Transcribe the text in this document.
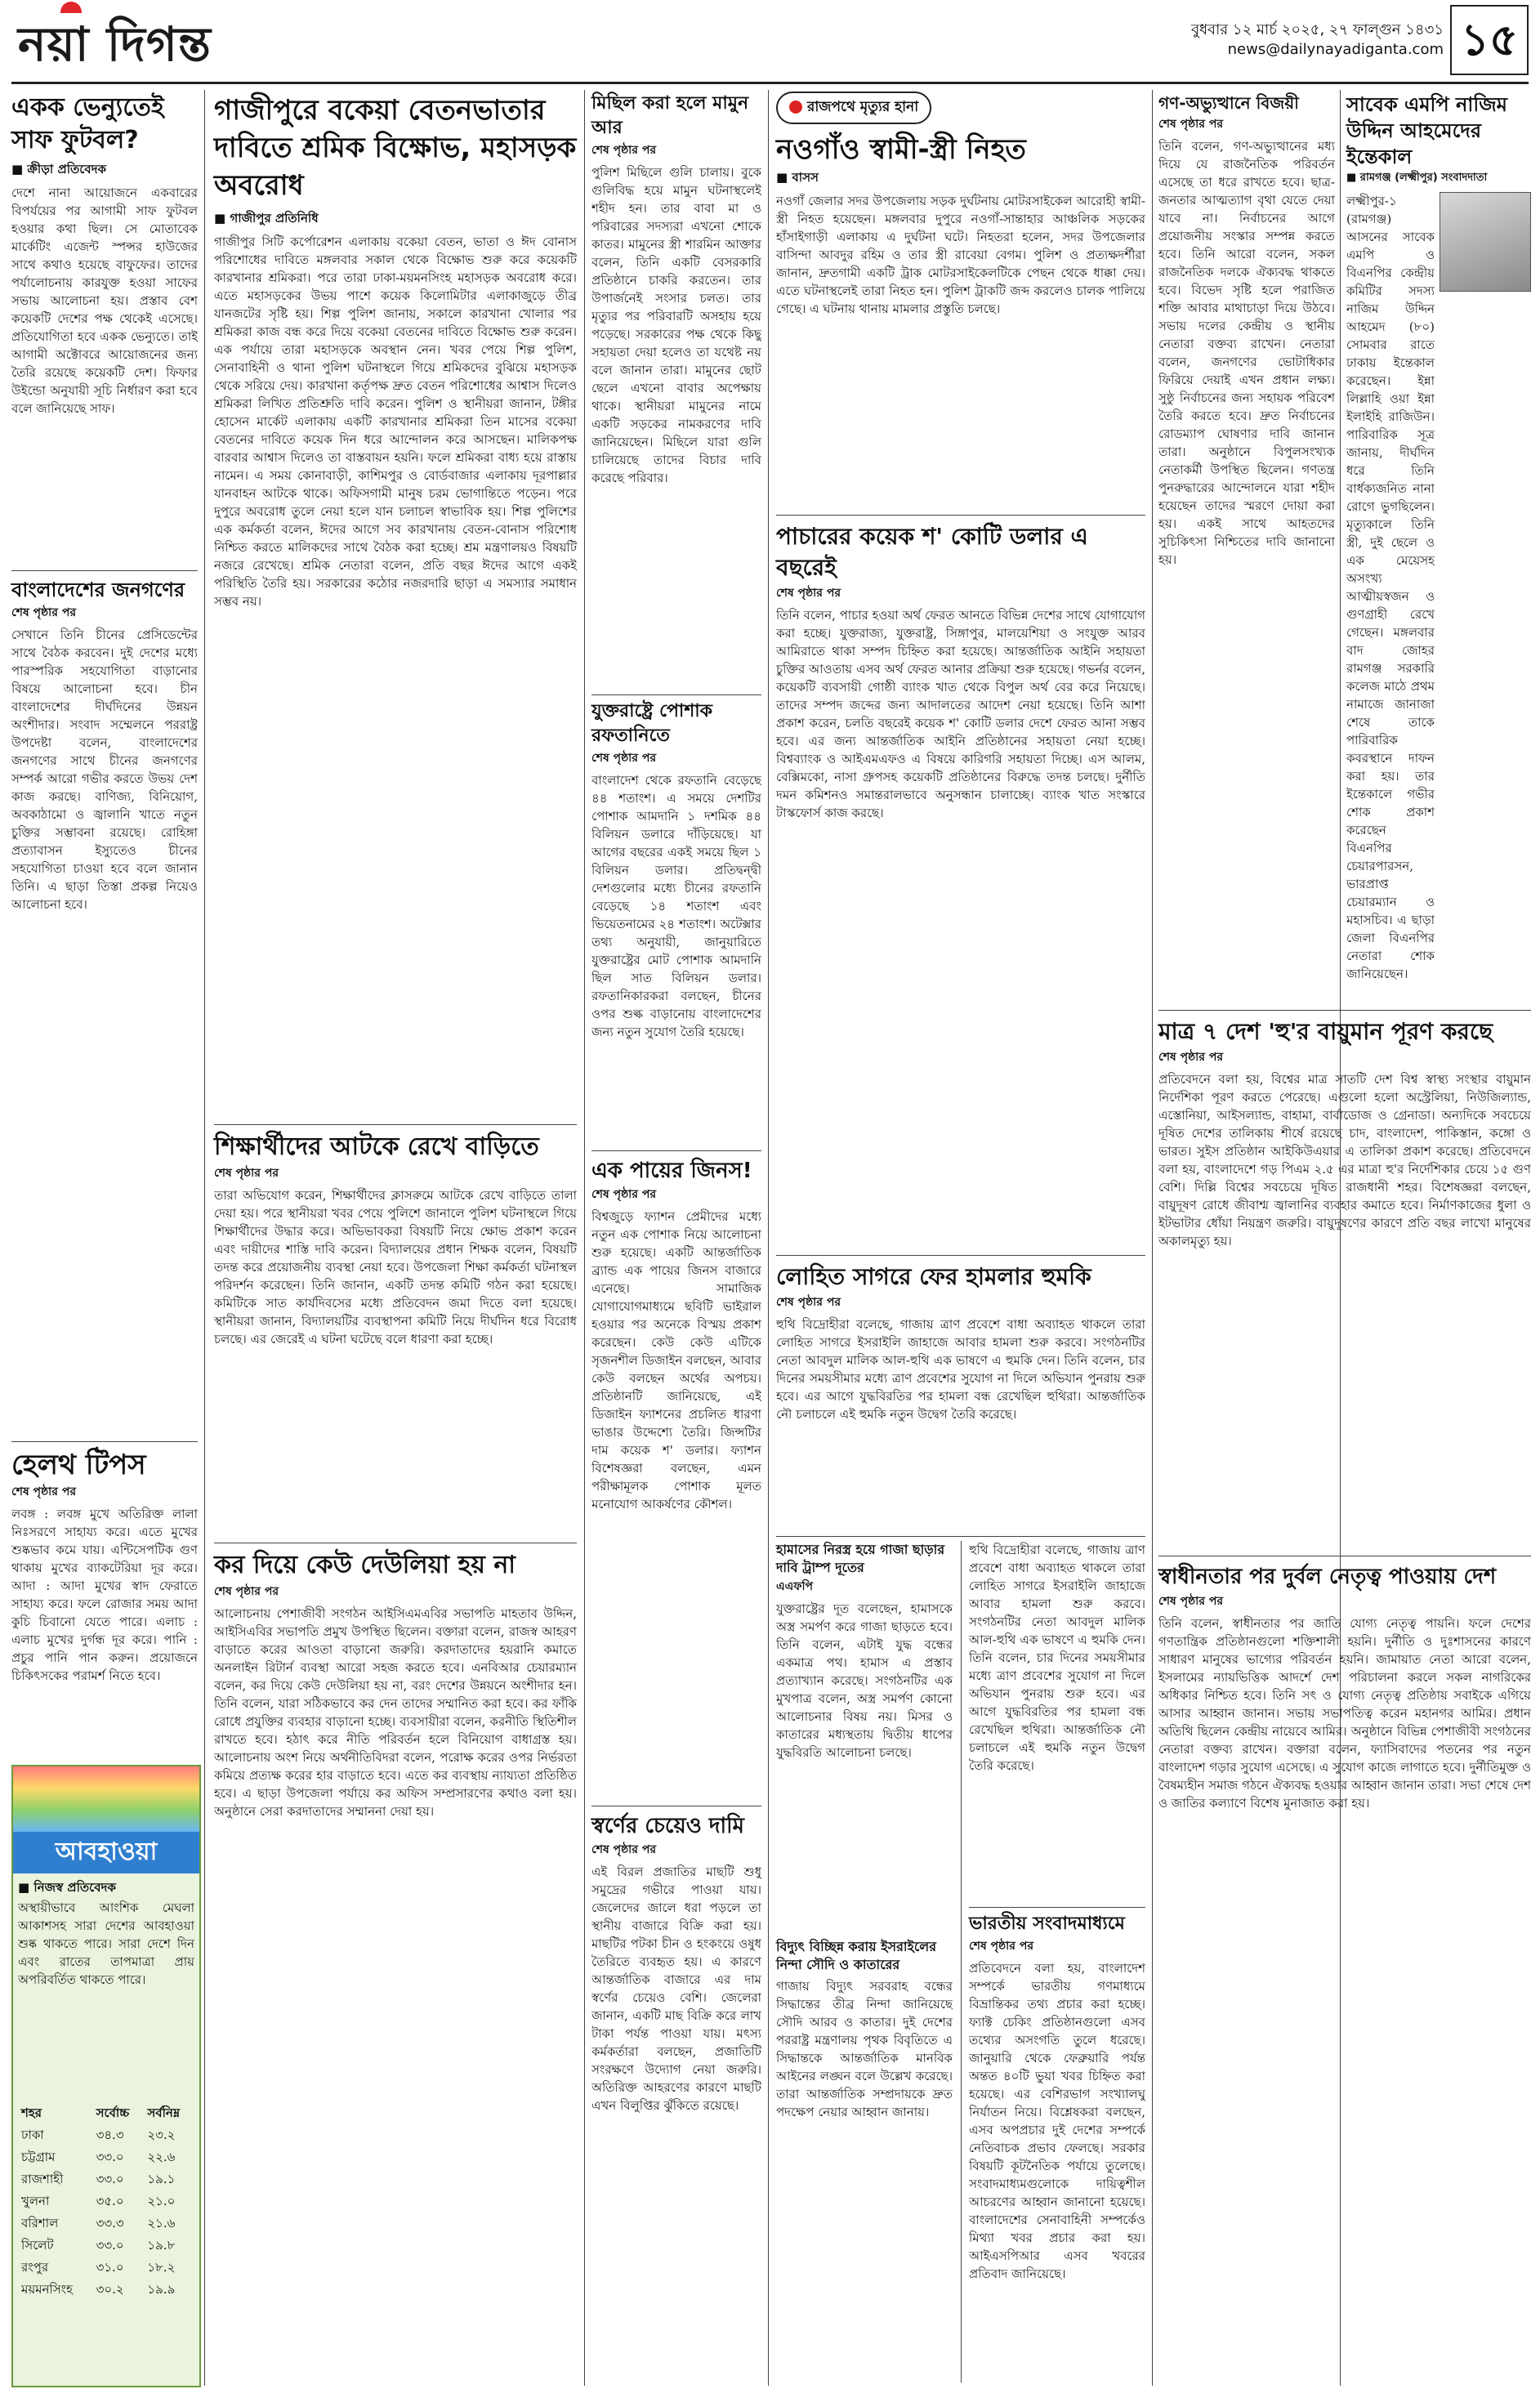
নয়া দিগন্ত	বুধবার ১২ মার্চ ২০২৫, ২৭ ফাল্গুন ১৪৩১
news@dailynayadiganta.com ১৫
একক ভেন্যুতেই সাফ ফুটবল?
■ ক্রীড়া প্রতিবেদক
দেশে নানা আয়োজনে একবারের বিপর্যয়ের পর আগামী সাফ ফুটবল হওয়ার কথা ছিল। সে মোতাবেক মার্কেটিং এজেন্ট স্পন্সর হাউজের সাথে কথাও হয়েছে বাফুফের। তাদের পর্যালোচনায় কারযুক্ত হওয়া সাফের সভায় আলোচনা হয়। প্রস্তাব বেশ কয়েকটি দেশের পক্ষ থেকেই এসেছে। প্রতিযোগিতা হবে একক ভেন্যুতে। তাই আগামী অক্টোবরে আয়োজনের জন্য তৈরি রয়েছে কয়েকটি দেশ। ফিফার উইন্ডো অনুযায়ী সূচি নির্ধারণ করা হবে বলে জানিয়েছে সাফ।
বাংলাদেশের জনগণের
শেষ পৃষ্ঠার পর
সেখানে তিনি চীনের প্রেসিডেন্টের সাথে বৈঠক করবেন। দুই দেশের মধ্যে পারস্পরিক সহযোগিতা বাড়ানোর বিষয়ে আলোচনা হবে। চীন বাংলাদেশের দীর্ঘদিনের উন্নয়ন অংশীদার। সংবাদ সম্মেলনে পররাষ্ট্র উপদেষ্টা বলেন, বাংলাদেশের জনগণের সাথে চীনের জনগণের সম্পর্ক আরো গভীর করতে উভয় দেশ কাজ করছে। বাণিজ্য, বিনিয়োগ, অবকাঠামো ও জ্বালানি খাতে নতুন চুক্তির সম্ভাবনা রয়েছে। রোহিঙ্গা প্রত্যাবাসন ইস্যুতেও চীনের সহযোগিতা চাওয়া হবে বলে জানান তিনি। এ ছাড়া তিস্তা প্রকল্প নিয়েও আলোচনা হবে।
হেলথ টিপস
শেষ পৃষ্ঠার পর
লবঙ্গ : লবঙ্গ মুখে অতিরিক্ত লালা নিঃসরণে সাহায্য করে। এতে মুখের শুষ্কভাব কমে যায়। এন্টিসেপটিক গুণ থাকায় মুখের ব্যাকটেরিয়া দূর করে। আদা : আদা মুখের স্বাদ ফেরাতে সাহায্য করে। ফলে রোজার সময় আদা কুচি চিবানো যেতে পারে। এলাচ : এলাচ মুখের দুর্গন্ধ দূর করে। পানি : প্রচুর পানি পান করুন। প্রয়োজনে চিকিৎসকের পরামর্শ নিতে হবে।
আবহাওয়া
■ নিজস্ব প্রতিবেদক
অস্থায়ীভাবে আংশিক মেঘলা আকাশসহ সারা দেশের আবহাওয়া শুষ্ক থাকতে পারে। সারা দেশে দিন এবং রাতের তাপমাত্রা প্রায় অপরিবর্তিত থাকতে পারে।
শহর	সর্বোচ্চ	সর্বনিম্ন
ঢাকা	৩৪.৩	২৩.২
চট্টগ্রাম	৩৩.০	২২.৬
রাজশাহী	৩৩.০	১৯.১
খুলনা	৩৫.০	২১.০
বরিশাল	৩৩.৩	২১.৬
সিলেট	৩৩.০	১৯.৮
রংপুর	৩১.০	১৮.২
ময়মনসিংহ	৩০.২	১৯.৯
গাজীপুরে বকেয়া বেতনভাতার দাবিতে শ্রমিক বিক্ষোভ, মহাসড়ক অবরোধ
■ গাজীপুর প্রতিনিধি
গাজীপুর সিটি কর্পোরেশন এলাকায় বকেয়া বেতন, ভাতা ও ঈদ বোনাস পরিশোধের দাবিতে মঙ্গলবার সকাল থেকে বিক্ষোভ শুরু করে কয়েকটি কারখানার শ্রমিকরা। পরে তারা ঢাকা-ময়মনসিংহ মহাসড়ক অবরোধ করে। এতে মহাসড়কের উভয় পাশে কয়েক কিলোমিটার এলাকাজুড়ে তীব্র যানজটের সৃষ্টি হয়। শিল্প পুলিশ জানায়, সকালে কারখানা খোলার পর শ্রমিকরা কাজ বন্ধ করে দিয়ে বকেয়া বেতনের দাবিতে বিক্ষোভ শুরু করেন। এক পর্যায়ে তারা মহাসড়কে অবস্থান নেন। খবর পেয়ে শিল্প পুলিশ, সেনাবাহিনী ও থানা পুলিশ ঘটনাস্থলে গিয়ে শ্রমিকদের বুঝিয়ে মহাসড়ক থেকে সরিয়ে দেয়। কারখানা কর্তৃপক্ষ দ্রুত বেতন পরিশোধের আশ্বাস দিলেও শ্রমিকরা লিখিত প্রতিশ্রুতি দাবি করেন। পুলিশ ও স্থানীয়রা জানান, টঙ্গীর হোসেন মার্কেট এলাকায় একটি কারখানার শ্রমিকরা তিন মাসের বকেয়া বেতনের দাবিতে কয়েক দিন ধরে আন্দোলন করে আসছেন। মালিকপক্ষ বারবার আশ্বাস দিলেও তা বাস্তবায়ন হয়নি। ফলে শ্রমিকরা বাধ্য হয়ে রাস্তায় নামেন। এ সময় কোনাবাড়ী, কাশিমপুর ও বোর্ডবাজার এলাকায় দূরপাল্লার যানবাহন আটকে থাকে। অফিসগামী মানুষ চরম ভোগান্তিতে পড়েন। পরে দুপুরে অবরোধ তুলে নেয়া হলে যান চলাচল স্বাভাবিক হয়। শিল্প পুলিশের এক কর্মকর্তা বলেন, ঈদের আগে সব কারখানায় বেতন-বোনাস পরিশোধ নিশ্চিত করতে মালিকদের সাথে বৈঠক করা হচ্ছে। শ্রম মন্ত্রণালয়ও বিষয়টি নজরে রেখেছে। শ্রমিক নেতারা বলেন, প্রতি বছর ঈদের আগে একই পরিস্থিতি তৈরি হয়। সরকারের কঠোর নজরদারি ছাড়া এ সমস্যার সমাধান সম্ভব নয়।
শিক্ষার্থীদের আটকে রেখে বাড়িতে
শেষ পৃষ্ঠার পর
তারা অভিযোগ করেন, শিক্ষার্থীদের ক্লাসরুমে আটকে রেখে বাড়িতে তালা দেয়া হয়। পরে স্থানীয়রা খবর পেয়ে পুলিশে জানালে পুলিশ ঘটনাস্থলে গিয়ে শিক্ষার্থীদের উদ্ধার করে। অভিভাবকরা বিষয়টি নিয়ে ক্ষোভ প্রকাশ করেন এবং দায়ীদের শাস্তি দাবি করেন। বিদ্যালয়ের প্রধান শিক্ষক বলেন, বিষয়টি তদন্ত করে প্রয়োজনীয় ব্যবস্থা নেয়া হবে। উপজেলা শিক্ষা কর্মকর্তা ঘটনাস্থল পরিদর্শন করেছেন। তিনি জানান, একটি তদন্ত কমিটি গঠন করা হয়েছে। কমিটিকে সাত কার্যদিবসের মধ্যে প্রতিবেদন জমা দিতে বলা হয়েছে। স্থানীয়রা জানান, বিদ্যালয়টির ব্যবস্থাপনা কমিটি নিয়ে দীর্ঘদিন ধরে বিরোধ চলছে। এর জেরেই এ ঘটনা ঘটেছে বলে ধারণা করা হচ্ছে।
কর দিয়ে কেউ দেউলিয়া হয় না
শেষ পৃষ্ঠার পর
আলোচনায় পেশাজীবী সংগঠন আইসিএমএবির সভাপতি মাহতাব উদ্দিন, আইসিএবির সভাপতি প্রমুখ উপস্থিত ছিলেন। বক্তারা বলেন, রাজস্ব আহরণ বাড়াতে করের আওতা বাড়ানো জরুরি। করদাতাদের হয়রানি কমাতে অনলাইন রিটার্ন ব্যবস্থা আরো সহজ করতে হবে। এনবিআর চেয়ারম্যান বলেন, কর দিয়ে কেউ দেউলিয়া হয় না, বরং দেশের উন্নয়নে অংশীদার হন। তিনি বলেন, যারা সঠিকভাবে কর দেন তাদের সম্মানিত করা হবে। কর ফাঁকি রোধে প্রযুক্তির ব্যবহার বাড়ানো হচ্ছে। ব্যবসায়ীরা বলেন, করনীতি স্থিতিশীল রাখতে হবে। হঠাৎ করে নীতি পরিবর্তন হলে বিনিয়োগ বাধাগ্রস্ত হয়। আলোচনায় অংশ নিয়ে অর্থনীতিবিদরা বলেন, পরোক্ষ করের ওপর নির্ভরতা কমিয়ে প্রত্যক্ষ করের হার বাড়াতে হবে। এতে কর ব্যবস্থায় ন্যায্যতা প্রতিষ্ঠিত হবে। এ ছাড়া উপজেলা পর্যায়ে কর অফিস সম্প্রসারণের কথাও বলা হয়। অনুষ্ঠানে সেরা করদাতাদের সম্মাননা দেয়া হয়।
মিছিল করা হলে মামুন আর
শেষ পৃষ্ঠার পর
পুলিশ মিছিলে গুলি চালায়। বুকে গুলিবিদ্ধ হয়ে মামুন ঘটনাস্থলেই শহীদ হন। তার বাবা মা ও পরিবারের সদস্যরা এখনো শোকে কাতর। মামুনের স্ত্রী শারমিন আক্তার বলেন, তিনি একটি বেসরকারি প্রতিষ্ঠানে চাকরি করতেন। তার উপার্জনেই সংসার চলত। তার মৃত্যুর পর পরিবারটি অসহায় হয়ে পড়েছে। সরকারের পক্ষ থেকে কিছু সহায়তা দেয়া হলেও তা যথেষ্ট নয় বলে জানান তারা। মামুনের ছোট ছেলে এখনো বাবার অপেক্ষায় থাকে। স্থানীয়রা মামুনের নামে একটি সড়কের নামকরণের দাবি জানিয়েছেন। মিছিলে যারা গুলি চালিয়েছে তাদের বিচার দাবি করেছে পরিবার।
যুক্তরাষ্ট্রে পোশাক রফতানিতে
শেষ পৃষ্ঠার পর
বাংলাদেশ থেকে রফতানি বেড়েছে ৪৪ শতাংশ। এ সময়ে দেশটির পোশাক আমদানি ১ দশমিক ৪৪ বিলিয়ন ডলারে দাঁড়িয়েছে। যা আগের বছরের একই সময়ে ছিল ১ বিলিয়ন ডলার। প্রতিদ্বন্দ্বী দেশগুলোর মধ্যে চীনের রফতানি বেড়েছে ১৪ শতাংশ এবং ভিয়েতনামের ২৪ শতাংশ। অটেক্সার তথ্য অনুযায়ী, জানুয়ারিতে যুক্তরাষ্ট্রের মোট পোশাক আমদানি ছিল সাত বিলিয়ন ডলার। রফতানিকারকরা বলছেন, চীনের ওপর শুল্ক বাড়ানোয় বাংলাদেশের জন্য নতুন সুযোগ তৈরি হয়েছে।
এক পায়ের জিনস!
শেষ পৃষ্ঠার পর
বিশ্বজুড়ে ফ্যাশন প্রেমীদের মধ্যে নতুন এক পোশাক নিয়ে আলোচনা শুরু হয়েছে। একটি আন্তর্জাতিক ব্র্যান্ড এক পায়ের জিনস বাজারে এনেছে। সামাজিক যোগাযোগমাধ্যমে ছবিটি ভাইরাল হওয়ার পর অনেকে বিস্ময় প্রকাশ করেছেন। কেউ কেউ এটিকে সৃজনশীল ডিজাইন বলছেন, আবার কেউ বলছেন অর্থের অপচয়। প্রতিষ্ঠানটি জানিয়েছে, এই ডিজাইন ফ্যাশনের প্রচলিত ধারণা ভাঙার উদ্দেশ্যে তৈরি। জিন্সটির দাম কয়েক শ' ডলার। ফ্যাশন বিশেষজ্ঞরা বলছেন, এমন পরীক্ষামূলক পোশাক মূলত মনোযোগ আকর্ষণের কৌশল।
স্বর্ণের চেয়েও দামি
শেষ পৃষ্ঠার পর
এই বিরল প্রজাতির মাছটি শুধু সমুদ্রের গভীরে পাওয়া যায়। জেলেদের জালে ধরা পড়লে তা স্থানীয় বাজারে বিক্রি করা হয়। মাছটির পটকা চীন ও হংকংয়ে ওষুধ তৈরিতে ব্যবহৃত হয়। এ কারণে আন্তর্জাতিক বাজারে এর দাম স্বর্ণের চেয়েও বেশি। জেলেরা জানান, একটি মাছ বিক্রি করে লাখ টাকা পর্যন্ত পাওয়া যায়। মৎস্য কর্মকর্তারা বলছেন, প্রজাতিটি সংরক্ষণে উদ্যোগ নেয়া জরুরি। অতিরিক্ত আহরণের কারণে মাছটি এখন বিলুপ্তির ঝুঁকিতে রয়েছে।
রাজপথে মৃত্যুর হানা
নওগাঁও স্বামী-স্ত্রী নিহত
■ বাসস
নওগাঁ জেলার সদর উপজেলায় সড়ক দুর্ঘটনায় মোটরসাইকেল আরোহী স্বামী-স্ত্রী নিহত হয়েছেন। মঙ্গলবার দুপুরে নওগাঁ-সান্তাহার আঞ্চলিক সড়কের হাঁসাইগাড়ী এলাকায় এ দুর্ঘটনা ঘটে। নিহতরা হলেন, সদর উপজেলার বাসিন্দা আবদুর রহিম ও তার স্ত্রী রাবেয়া বেগম। পুলিশ ও প্রত্যক্ষদর্শীরা জানান, দ্রুতগামী একটি ট্রাক মোটরসাইকেলটিকে পেছন থেকে ধাক্কা দেয়। এতে ঘটনাস্থলেই তারা নিহত হন। পুলিশ ট্রাকটি জব্দ করলেও চালক পালিয়ে গেছে। এ ঘটনায় থানায় মামলার প্রস্তুতি চলছে।
পাচারের কয়েক শ' কোটি ডলার এ বছরেই
শেষ পৃষ্ঠার পর
তিনি বলেন, পাচার হওয়া অর্থ ফেরত আনতে বিভিন্ন দেশের সাথে যোগাযোগ করা হচ্ছে। যুক্তরাজ্য, যুক্তরাষ্ট্র, সিঙ্গাপুর, মালয়েশিয়া ও সংযুক্ত আরব আমিরাতে থাকা সম্পদ চিহ্নিত করা হয়েছে। আন্তর্জাতিক আইনি সহায়তা চুক্তির আওতায় এসব অর্থ ফেরত আনার প্রক্রিয়া শুরু হয়েছে। গভর্নর বলেন, কয়েকটি ব্যবসায়ী গোষ্ঠী ব্যাংক খাত থেকে বিপুল অর্থ বের করে নিয়েছে। তাদের সম্পদ জব্দের জন্য আদালতের আদেশ নেয়া হয়েছে। তিনি আশা প্রকাশ করেন, চলতি বছরেই কয়েক শ' কোটি ডলার দেশে ফেরত আনা সম্ভব হবে। এর জন্য আন্তর্জাতিক আইনি প্রতিষ্ঠানের সহায়তা নেয়া হচ্ছে। বিশ্বব্যাংক ও আইএমএফও এ বিষয়ে কারিগরি সহায়তা দিচ্ছে। এস আলম, বেক্সিমকো, নাসা গ্রুপসহ কয়েকটি প্রতিষ্ঠানের বিরুদ্ধে তদন্ত চলছে। দুর্নীতি দমন কমিশনও সমান্তরালভাবে অনুসন্ধান চালাচ্ছে। ব্যাংক খাত সংস্কারে টাস্কফোর্স কাজ করছে।
লোহিত সাগরে ফের হামলার হুমকি
শেষ পৃষ্ঠার পর
হুথি বিদ্রোহীরা বলেছে, গাজায় ত্রাণ প্রবেশে বাধা অব্যাহত থাকলে তারা লোহিত সাগরে ইসরাইলি জাহাজে আবার হামলা শুরু করবে। সংগঠনটির নেতা আবদুল মালিক আল-হুথি এক ভাষণে এ হুমকি দেন। তিনি বলেন, চার দিনের সময়সীমার মধ্যে ত্রাণ প্রবেশের সুযোগ না দিলে অভিযান পুনরায় শুরু হবে। এর আগে যুদ্ধবিরতির পর হামলা বন্ধ রেখেছিল হুথিরা। আন্তর্জাতিক নৌ চলাচলে এই হুমকি নতুন উদ্বেগ তৈরি করেছে।
হামাসের নিরস্ত্র হয়ে গাজা ছাড়ার দাবি ট্রাম্প দূতের
এএফপি
যুক্তরাষ্ট্রের দূত বলেছেন, হামাসকে অস্ত্র সমর্পণ করে গাজা ছাড়তে হবে। তিনি বলেন, এটাই যুদ্ধ বন্ধের একমাত্র পথ। হামাস এ প্রস্তাব প্রত্যাখ্যান করেছে। সংগঠনটির এক মুখপাত্র বলেন, অস্ত্র সমর্পণ কোনো আলোচনার বিষয় নয়। মিসর ও কাতারের মধ্যস্থতায় দ্বিতীয় ধাপের যুদ্ধবিরতি আলোচনা চলছে।
বিদ্যুৎ বিচ্ছিন্ন করায় ইসরাইলের নিন্দা সৌদি ও কাতারের
গাজায় বিদ্যুৎ সরবরাহ বন্ধের সিদ্ধান্তের তীব্র নিন্দা জানিয়েছে সৌদি আরব ও কাতার। দুই দেশের পররাষ্ট্র মন্ত্রণালয় পৃথক বিবৃতিতে এ সিদ্ধান্তকে আন্তর্জাতিক মানবিক আইনের লঙ্ঘন বলে উল্লেখ করেছে। তারা আন্তর্জাতিক সম্প্রদায়কে দ্রুত পদক্ষেপ নেয়ার আহ্বান জানায়।
হুথি বিদ্রোহীরা বলেছে, গাজায় ত্রাণ প্রবেশে বাধা অব্যাহত থাকলে তারা লোহিত সাগরে ইসরাইলি জাহাজে আবার হামলা শুরু করবে। সংগঠনটির নেতা আবদুল মালিক আল-হুথি এক ভাষণে এ হুমকি দেন। তিনি বলেন, চার দিনের সময়সীমার মধ্যে ত্রাণ প্রবেশের সুযোগ না দিলে অভিযান পুনরায় শুরু হবে। এর আগে যুদ্ধবিরতির পর হামলা বন্ধ রেখেছিল হুথিরা। আন্তর্জাতিক নৌ চলাচলে এই হুমকি নতুন উদ্বেগ তৈরি করেছে।
ভারতীয় সংবাদমাধ্যমে
শেষ পৃষ্ঠার পর
প্রতিবেদনে বলা হয়, বাংলাদেশ সম্পর্কে ভারতীয় গণমাধ্যমে বিভ্রান্তিকর তথ্য প্রচার করা হচ্ছে। ফ্যাক্ট চেকিং প্রতিষ্ঠানগুলো এসব তথ্যের অসংগতি তুলে ধরেছে। জানুয়ারি থেকে ফেব্রুয়ারি পর্যন্ত অন্তত ৪০টি ভুয়া খবর চিহ্নিত করা হয়েছে। এর বেশিরভাগ সংখ্যালঘু নির্যাতন নিয়ে। বিশ্লেষকরা বলছেন, এসব অপপ্রচার দুই দেশের সম্পর্কে নেতিবাচক প্রভাব ফেলছে। সরকার বিষয়টি কূটনৈতিক পর্যায়ে তুলেছে। সংবাদমাধ্যমগুলোকে দায়িত্বশীল আচরণের আহ্বান জানানো হয়েছে। বাংলাদেশের সেনাবাহিনী সম্পর্কেও মিথ্যা খবর প্রচার করা হয়। আইএসপিআর এসব খবরের প্রতিবাদ জানিয়েছে।
গণ-অভ্যুত্থানে বিজয়ী
শেষ পৃষ্ঠার পর
তিনি বলেন, গণ-অভ্যুত্থানের মধ্য দিয়ে যে রাজনৈতিক পরিবর্তন এসেছে তা ধরে রাখতে হবে। ছাত্র-জনতার আত্মত্যাগ বৃথা যেতে দেয়া যাবে না। নির্বাচনের আগে প্রয়োজনীয় সংস্কার সম্পন্ন করতে হবে। তিনি আরো বলেন, সকল রাজনৈতিক দলকে ঐক্যবদ্ধ থাকতে হবে। বিভেদ সৃষ্টি হলে পরাজিত শক্তি আবার মাথাচাড়া দিয়ে উঠবে। সভায় দলের কেন্দ্রীয় ও স্থানীয় নেতারা বক্তব্য রাখেন। নেতারা বলেন, জনগণের ভোটাধিকার ফিরিয়ে দেয়াই এখন প্রধান লক্ষ্য। সুষ্ঠু নির্বাচনের জন্য সহায়ক পরিবেশ তৈরি করতে হবে। দ্রুত নির্বাচনের রোডম্যাপ ঘোষণার দাবি জানান তারা। অনুষ্ঠানে বিপুলসংখ্যক নেতাকর্মী উপস্থিত ছিলেন। গণতন্ত্র পুনরুদ্ধারের আন্দোলনে যারা শহীদ হয়েছেন তাদের স্মরণে দোয়া করা হয়। একই সাথে আহতদের সুচিকিৎসা নিশ্চিতের দাবি জানানো হয়।
সাবেক এমপি নাজিম উদ্দিন আহমেদের ইন্তেকাল
■ রামগঞ্জ (লক্ষ্মীপুর) সংবাদদাতা
লক্ষ্মীপুর-১ (রামগঞ্জ) আসনের সাবেক এমপি ও বিএনপির কেন্দ্রীয় কমিটির সদস্য নাজিম উদ্দিন আহমেদ (৮০) সোমবার রাতে ঢাকায় ইন্তেকাল করেছেন। ইন্না লিল্লাহি ওয়া ইন্না ইলাইহি রাজিউন। পারিবারিক সূত্র জানায়, দীর্ঘদিন ধরে তিনি বার্ধক্যজনিত নানা রোগে ভুগছিলেন। মৃত্যুকালে তিনি স্ত্রী, দুই ছেলে ও এক মেয়েসহ অসংখ্য আত্মীয়স্বজন ও গুণগ্রাহী রেখে গেছেন। মঙ্গলবার বাদ জোহর রামগঞ্জ সরকারি কলেজ মাঠে প্রথম নামাজে জানাজা শেষে তাকে পারিবারিক কবরস্থানে দাফন করা হয়। তার ইন্তেকালে গভীর শোক প্রকাশ করেছেন বিএনপির চেয়ারপারসন, ভারপ্রাপ্ত চেয়ারম্যান ও মহাসচিব। এ ছাড়া জেলা বিএনপির নেতারা শোক জানিয়েছেন।
মাত্র ৭ দেশ 'হু'র বায়ুমান পূরণ করছে
শেষ পৃষ্ঠার পর
প্রতিবেদনে বলা হয়, বিশ্বের মাত্র সাতটি দেশ বিশ্ব স্বাস্থ্য সংস্থার বায়ুমান নির্দেশিকা পূরণ করতে পেরেছে। এগুলো হলো অস্ট্রেলিয়া, নিউজিল্যান্ড, এস্তোনিয়া, আইসল্যান্ড, বাহামা, বার্বাডোজ ও গ্রেনাডা। অন্যদিকে সবচেয়ে দূষিত দেশের তালিকায় শীর্ষে রয়েছে চাদ, বাংলাদেশ, পাকিস্তান, কঙ্গো ও ভারত। সুইস প্রতিষ্ঠান আইকিউএয়ার এ তালিকা প্রকাশ করেছে। প্রতিবেদনে বলা হয়, বাংলাদেশে গড় পিএম ২.৫ এর মাত্রা হু'র নির্দেশিকার চেয়ে ১৫ গুণ বেশি। দিল্লি বিশ্বের সবচেয়ে দূষিত রাজধানী শহর। বিশেষজ্ঞরা বলছেন, বায়ুদূষণ রোধে জীবাশ্ম জ্বালানির ব্যবহার কমাতে হবে। নির্মাণকাজের ধুলা ও ইটভাটার ধোঁয়া নিয়ন্ত্রণ জরুরি। বায়ুদূষণের কারণে প্রতি বছর লাখো মানুষের অকালমৃত্যু হয়।
স্বাধীনতার পর দুর্বল নেতৃত্ব পাওয়ায় দেশ
শেষ পৃষ্ঠার পর
তিনি বলেন, স্বাধীনতার পর জাতি যোগ্য নেতৃত্ব পায়নি। ফলে দেশের গণতান্ত্রিক প্রতিষ্ঠানগুলো শক্তিশালী হয়নি। দুর্নীতি ও দুঃশাসনের কারণে সাধারণ মানুষের ভাগ্যের পরিবর্তন হয়নি। জামায়াত নেতা আরো বলেন, ইসলামের ন্যায়ভিত্তিক আদর্শে দেশ পরিচালনা করলে সকল নাগরিকের অধিকার নিশ্চিত হবে। তিনি সৎ ও যোগ্য নেতৃত্ব প্রতিষ্ঠায় সবাইকে এগিয়ে আসার আহ্বান জানান। সভায় সভাপতিত্ব করেন মহানগর আমির। প্রধান অতিথি ছিলেন কেন্দ্রীয় নায়েবে আমির। অনুষ্ঠানে বিভিন্ন পেশাজীবী সংগঠনের নেতারা বক্তব্য রাখেন। বক্তারা বলেন, ফ্যাসিবাদের পতনের পর নতুন বাংলাদেশ গড়ার সুযোগ এসেছে। এ সুযোগ কাজে লাগাতে হবে। দুর্নীতিমুক্ত ও বৈষম্যহীন সমাজ গঠনে ঐক্যবদ্ধ হওয়ার আহ্বান জানান তারা। সভা শেষে দেশ ও জাতির কল্যাণে বিশেষ মুনাজাত করা হয়।
